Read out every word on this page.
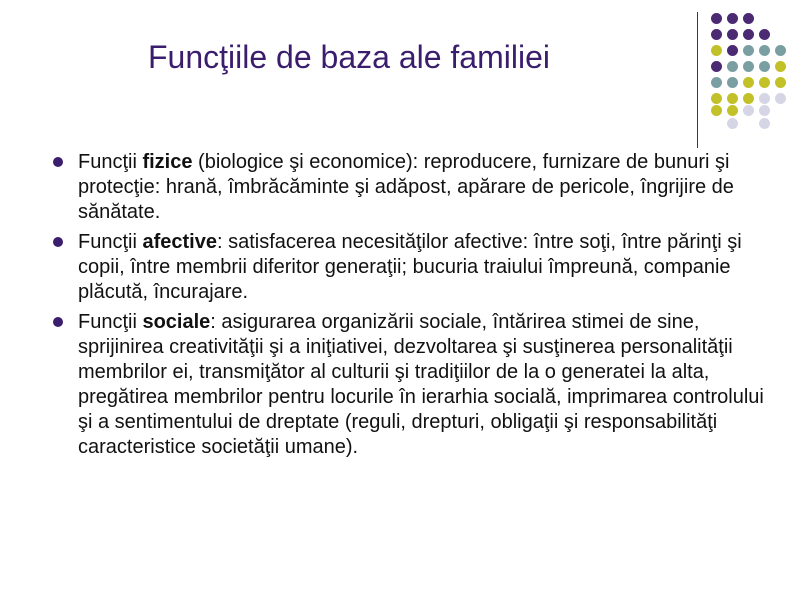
Funcţiile de baza ale familiei
Funcţii fizice (biologice şi economice): reproducere, furnizare de bunuri şi protecţie: hrană, îmbrăcăminte şi adăpost, apărare de pericole, îngrijire de sănătate.
Funcţii afective: satisfacerea necesităţilor afective: între soţi, între părinţi şi copii, între membrii diferitor generaţii; bucuria traiului împreună, companie plăcută, încurajare.
Funcţii sociale: asigurarea organizării sociale, întărirea stimei de sine, sprijinirea creativităţii şi a iniţiativei, dezvoltarea şi susţinerea personalităţii membrilor ei, transmiţător al culturii şi tradiţiilor de la o generatei la alta, pregătirea membrilor pentru locurile în ierarhia socială, imprimarea controlului şi a sentimentului de dreptate (reguli, drepturi, obligaţii şi responsabilităţi caracteristice societăţii umane).
